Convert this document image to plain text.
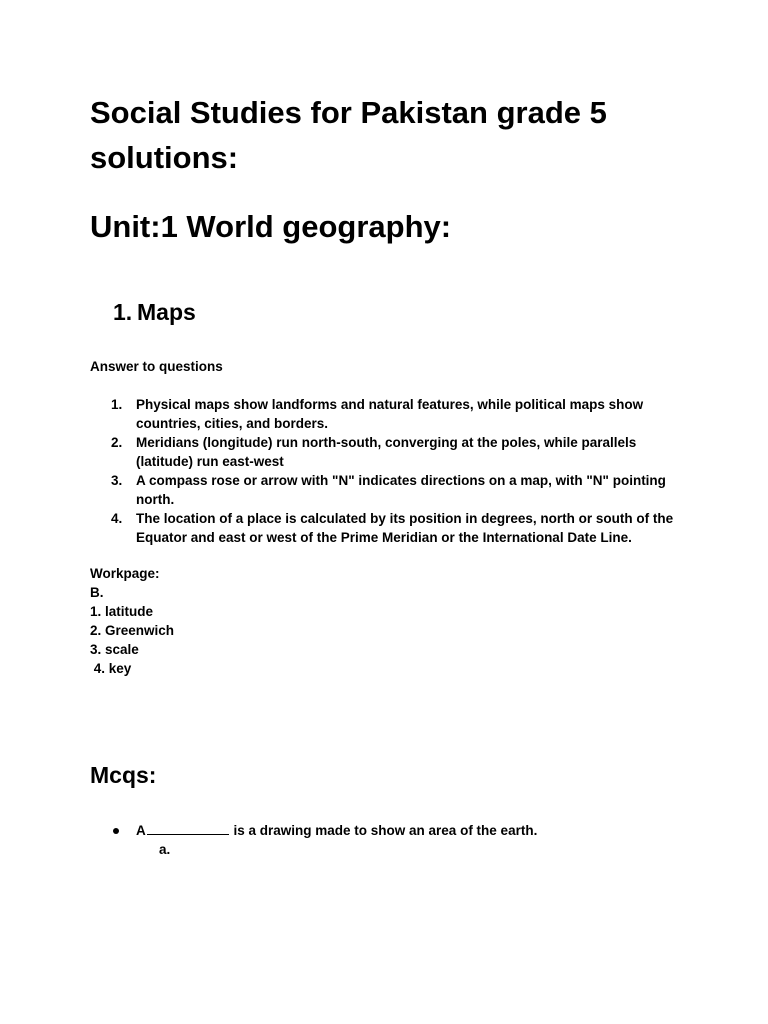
Social Studies for Pakistan grade 5 solutions:
Unit:1 World geography:
1. Maps

Answer to questions

1. Physical maps show landforms and natural features, while political maps show countries, cities, and borders.
2. Meridians (longitude) run north-south, converging at the poles, while parallels (latitude) run east-west
3. A compass rose or arrow with "N" indicates directions on a map, with "N" pointing north.
4. The location of a place is calculated by its position in degrees, north or south of the Equator and east or west of the Prime Meridian or the International Date Line.
Workpage:
B.
1. latitude
2. Greenwich
3. scale
4. key
Mcqs:
A	is a drawing made to show an area of the earth.
a.
